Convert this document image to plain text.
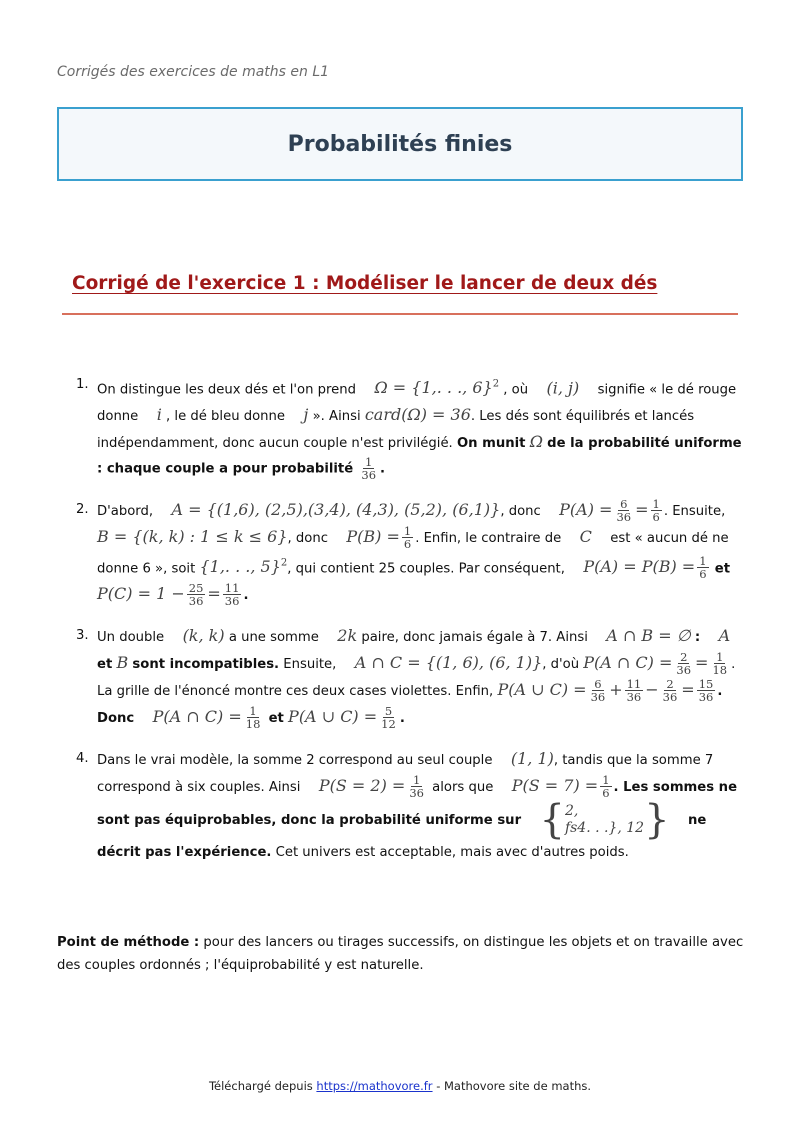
Corrigés des exercices de maths en L1
Probabilités finies
Corrigé de l'exercice 1 : Modéliser le lancer de deux dés
1. On distingue les deux dés et l'on prend Ω = {1,. . ., 6}$^2$ , où (i, j) signifie « le dé rouge donne i , le dé bleu donne j ». Ainsi card(Ω) = 36. Les dés sont équilibrés et lancés indépendamment, donc aucun couple n'est privilégié. On munit Ω de la probabilité uniforme : chaque couple a pour probabilité $\frac{1}{36}$ .
2. D'abord, A = {(1,6), (2,5),(3,4), (4,3), (5,2), (6,1)}, donc $P(A) = \frac{6}{36} = \frac{1}{6}$ . Ensuite, B = {(k, k) : 1 ≤ k ≤ 6}, donc $P(B) = \frac{1}{6}$ . Enfin, le contraire de C est « aucun dé ne donne 6 », soit {1,. . ., 5}$^2$, qui contient 25 couples. Par conséquent, $P(A) = P(B) = \frac{1}{6}$ et
$P(C) = 1 - \frac{25}{36} = \frac{11}{36}$ .
3. Un double (k, k) a une somme 2k paire, donc jamais égale à 7. Ainsi A ∩ B = ∅ : A et B sont incompatibles. Ensuite, A ∩ C = {(1, 6), (6, 1)}, d'où P(A ∩ $C) = \frac{2}{36} = \frac{1}{18}$ . La grille de l'énoncé montre ces deux cases violettes. Enfin, P(A ∪ $C) = \frac{6}{36} + \frac{11}{36} - \frac{2}{36} = \frac{15}{36}$ . Donc P(A ∩ $C) = \frac{1}{18}$ et P(A ∪ $C) = \frac{5}{12}$ .
4. Dans le vrai modèle, la somme 2 correspond au seul couple (1, 1), tandis que la somme 7 correspond à six couples. Ainsi $P(S = 2) = \frac{1}{36}$ alors que $P(S = 7) = \frac{1}{6}$ . Les sommes ne sont pas équiprobables, donc la probabilité uniforme sur { 2,
fs4. . .}, 12 } ne décrit pas l'expérience. Cet univers est acceptable, mais avec d'autres poids.

Point de méthode : pour des lancers ou tirages successifs, on distingue les objets et on travaille avec des couples ordonnés ; l'équiprobabilité y est naturelle.

Téléchargé depuis https://mathovore.fr - Mathovore site de maths.
